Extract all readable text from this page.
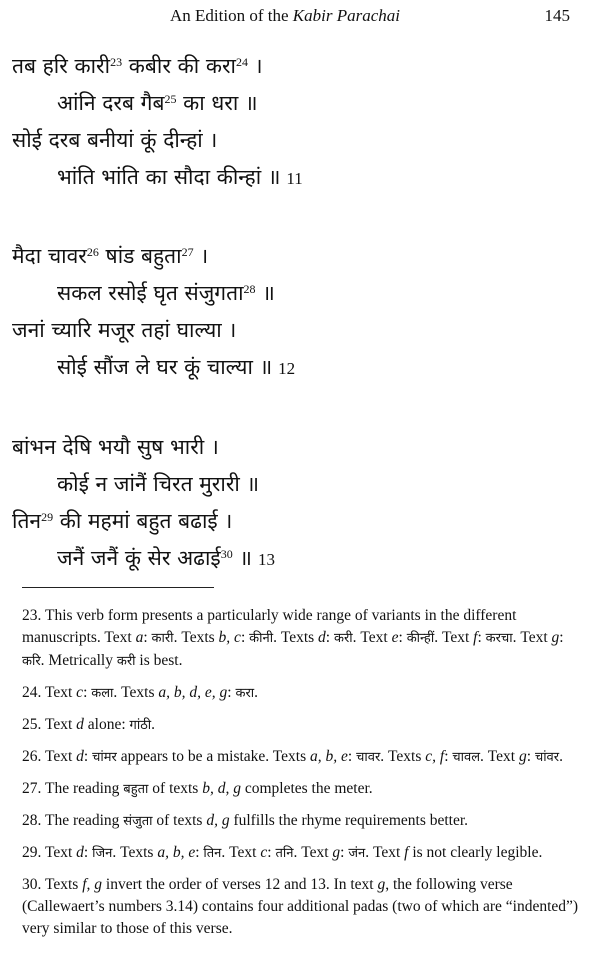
An Edition of the Kabir Parachai	145
तब हरि कारी$^{23}$ कबीर की करा$^{24}$ ।
आंनि दरब गैब$^{25}$ का धरा ॥
सोई दरब बनीयां कूं दीन्हां ।
भांति भांति का सौदा कीन्हां ॥ 11
मैदा चावर$^{26}$ षांड बहुता$^{27}$ ।
सकल रसोई घृत संजुगता$^{28}$ ॥
जनां च्यारि मजूर तहां घाल्या ।
सोई सौंज ले घर कूं चाल्या ॥ 12
बांभन देषि भयौ सुष भारी ।
कोई न जांनैं चिरत मुरारी ॥
तिन$^{29}$ की महमां बहुत बढाई ।
जनैं जनैं कूं सेर अढाई$^{30}$ ॥ 13

23. This verb form presents a particularly wide range of variants in the different manuscripts. Text a: कारी. Texts b, c: कीनी. Texts d: करी. Text e: कीन्हीं. Text f: करचा. Text g: करि. Metrically करी is best.

24. Text c: कला. Texts a, b, d, e, g: करा.

25. Text d alone: गांठी.

26. Text d: चांमर appears to be a mistake. Texts a, b, e: चावर. Texts c, f: चावल. Text g: चांवर.

27. The reading बहुता of texts b, d, g completes the meter.

28. The reading संजुता of texts d, g fulfills the rhyme requirements better.

29. Text d: जिन. Texts a, b, e: तिन. Text c: तनि. Text g: जंन. Text f is not clearly legible.

30. Texts f, g invert the order of verses 12 and 13. In text g, the following verse (Callewaert’s numbers 3.14) contains four additional padas (two of which are “indented”) very similar to those of this verse.
